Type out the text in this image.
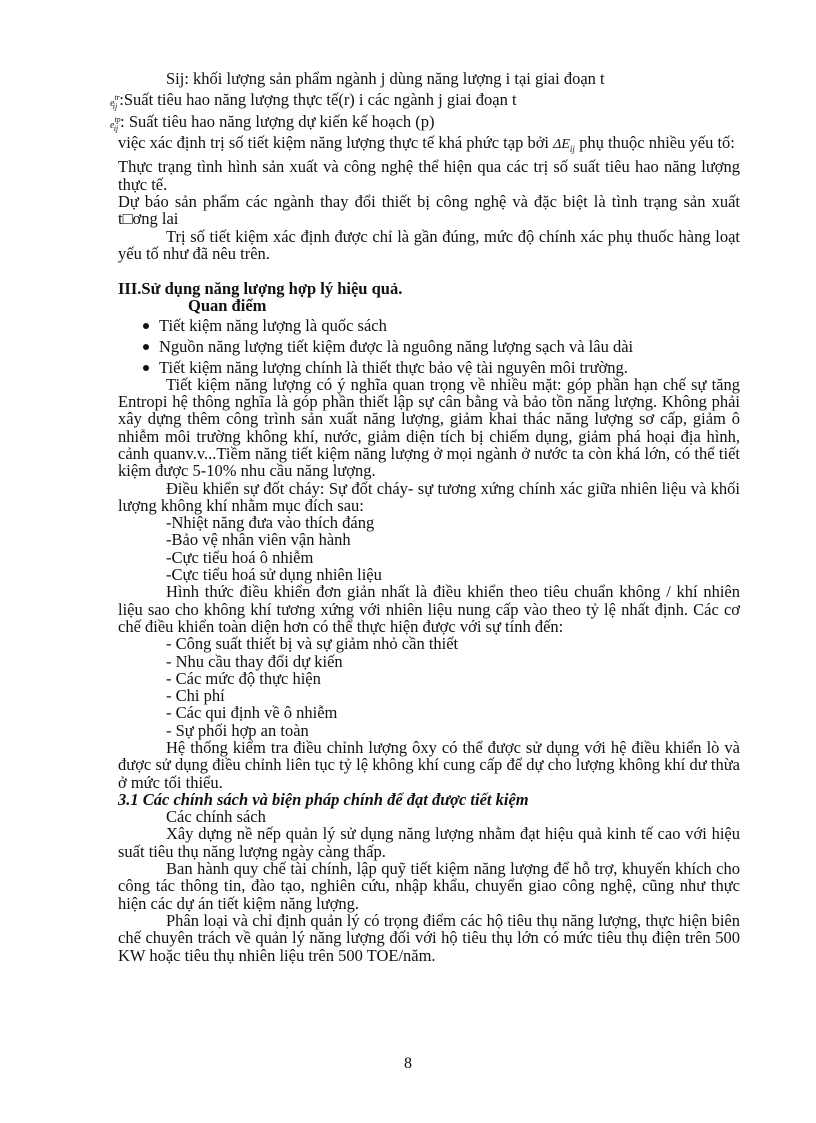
Sij: khối lượng sản phẩm ngành j dùng năng lượng i tại giai đoạn t

$e^{tr}_{ij}$ :Suất tiêu hao năng lượng thực tế(r) i các ngành j giai đoạn t

$e^{tp}_{ij}$ : Suất tiêu hao năng lượng dự kiến kế hoạch (p)

việc xác định trị số tiết kiệm năng lượng thực tế khá phức tạp bởi $\Delta E_{ij}$ phụ thuộc nhiều yếu tố:

Thực trạng tình hình sản xuất và công nghệ thể hiện qua các trị số suất tiêu hao năng lượng thực tế.

Dự báo sản phẩm các ngành thay đổi thiết bị công nghệ và đặc biệt là tình trạng sản xuất t□ơng lai

Trị số tiết kiệm xác định được chỉ là gần đúng, mức độ chính xác phụ thuốc hàng loạt yếu tố như đã nêu trên.

III.Sử dụng năng lượng hợp lý hiệu quả.

Quan điểm

Tiết kiệm năng lượng là quốc sách
Nguồn năng lượng tiết kiệm được là nguông năng lượng sạch và lâu dài
Tiết kiệm năng lượng chính là thiết thực bảo vệ tài nguyên môi trường.

Tiết kiệm năng lượng có ý nghĩa quan trọng về nhiều mặt: góp phần hạn chế sự tăng Entropi hệ thông nghĩa là góp phần thiết lập sự cân bằng và bảo tồn năng lượng. Không phải xây dựng thêm công trình sản xuất năng lượng, giảm khai thác năng lượng sơ cấp, giảm ô nhiễm môi trường không khí, nước, giảm diện tích bị chiếm dụng, giảm phá hoại địa hình, cảnh quanv.v...Tiềm năng tiết kiệm năng lượng ở mọi ngành ở nước ta còn khá lớn, có thể tiết kiệm được 5-10% nhu cầu năng lượng.

Điều khiển sự đốt cháy: Sự đốt cháy- sự tương xứng chính xác giữa nhiên liệu và khối lượng không khí nhằm mục đích sau:

-Nhiệt năng đưa vào thích đáng

-Bảo vệ nhân viên vận hành

-Cực tiểu hoá ô nhiễm

-Cực tiểu hoá sử dụng nhiên liệu

Hình thức điều khiển đơn giản nhất là điều khiển theo tiêu chuẩn không / khí nhiên liệu sao cho không khí tương xứng với nhiên liệu nung cấp vào theo tỷ lệ nhất định. Các cơ chế điều khiển toàn diện hơn có thể thực hiện được với sự tính đến:

- Công suất thiết bị và sự giảm nhỏ cần thiết

- Nhu cầu thay đổi dự kiến

- Các mức độ thực hiện

- Chi phí

- Các qui định về ô nhiễm

- Sự phối hợp an toàn

Hệ thống kiểm tra điều chỉnh lượng ôxy có thể được sử dụng với hệ điều khiển lò và được sử dụng điều chỉnh liên tục tỷ lệ không khí cung cấp để dự cho lượng không khí dư thừa ở mức tối thiểu.

3.1 Các chính sách và biện pháp chính để đạt được tiết kiệm

Các chính sách

Xây dựng nề nếp quản lý sử dụng năng lượng nhằm đạt hiệu quả kinh tế cao với hiệu suất tiêu thụ năng lượng ngày càng thấp.

Ban hành quy chế tài chính, lập quỹ tiết kiệm năng lượng để hỗ trợ, khuyến khích cho công tác thông tin, đào tạo, nghiên cứu, nhập khẩu, chuyển giao công nghệ, cũng như thực hiện các dự án tiết kiệm năng lượng.

Phân loại và chỉ định quản lý có trọng điểm các hộ tiêu thụ năng lượng, thực hiện biên chế chuyên trách về quản lý năng lượng đối với hộ tiêu thụ lớn có mức tiêu thụ điện trên 500 KW hoặc tiêu thụ nhiên liệu trên 500 TOE/năm.

8
